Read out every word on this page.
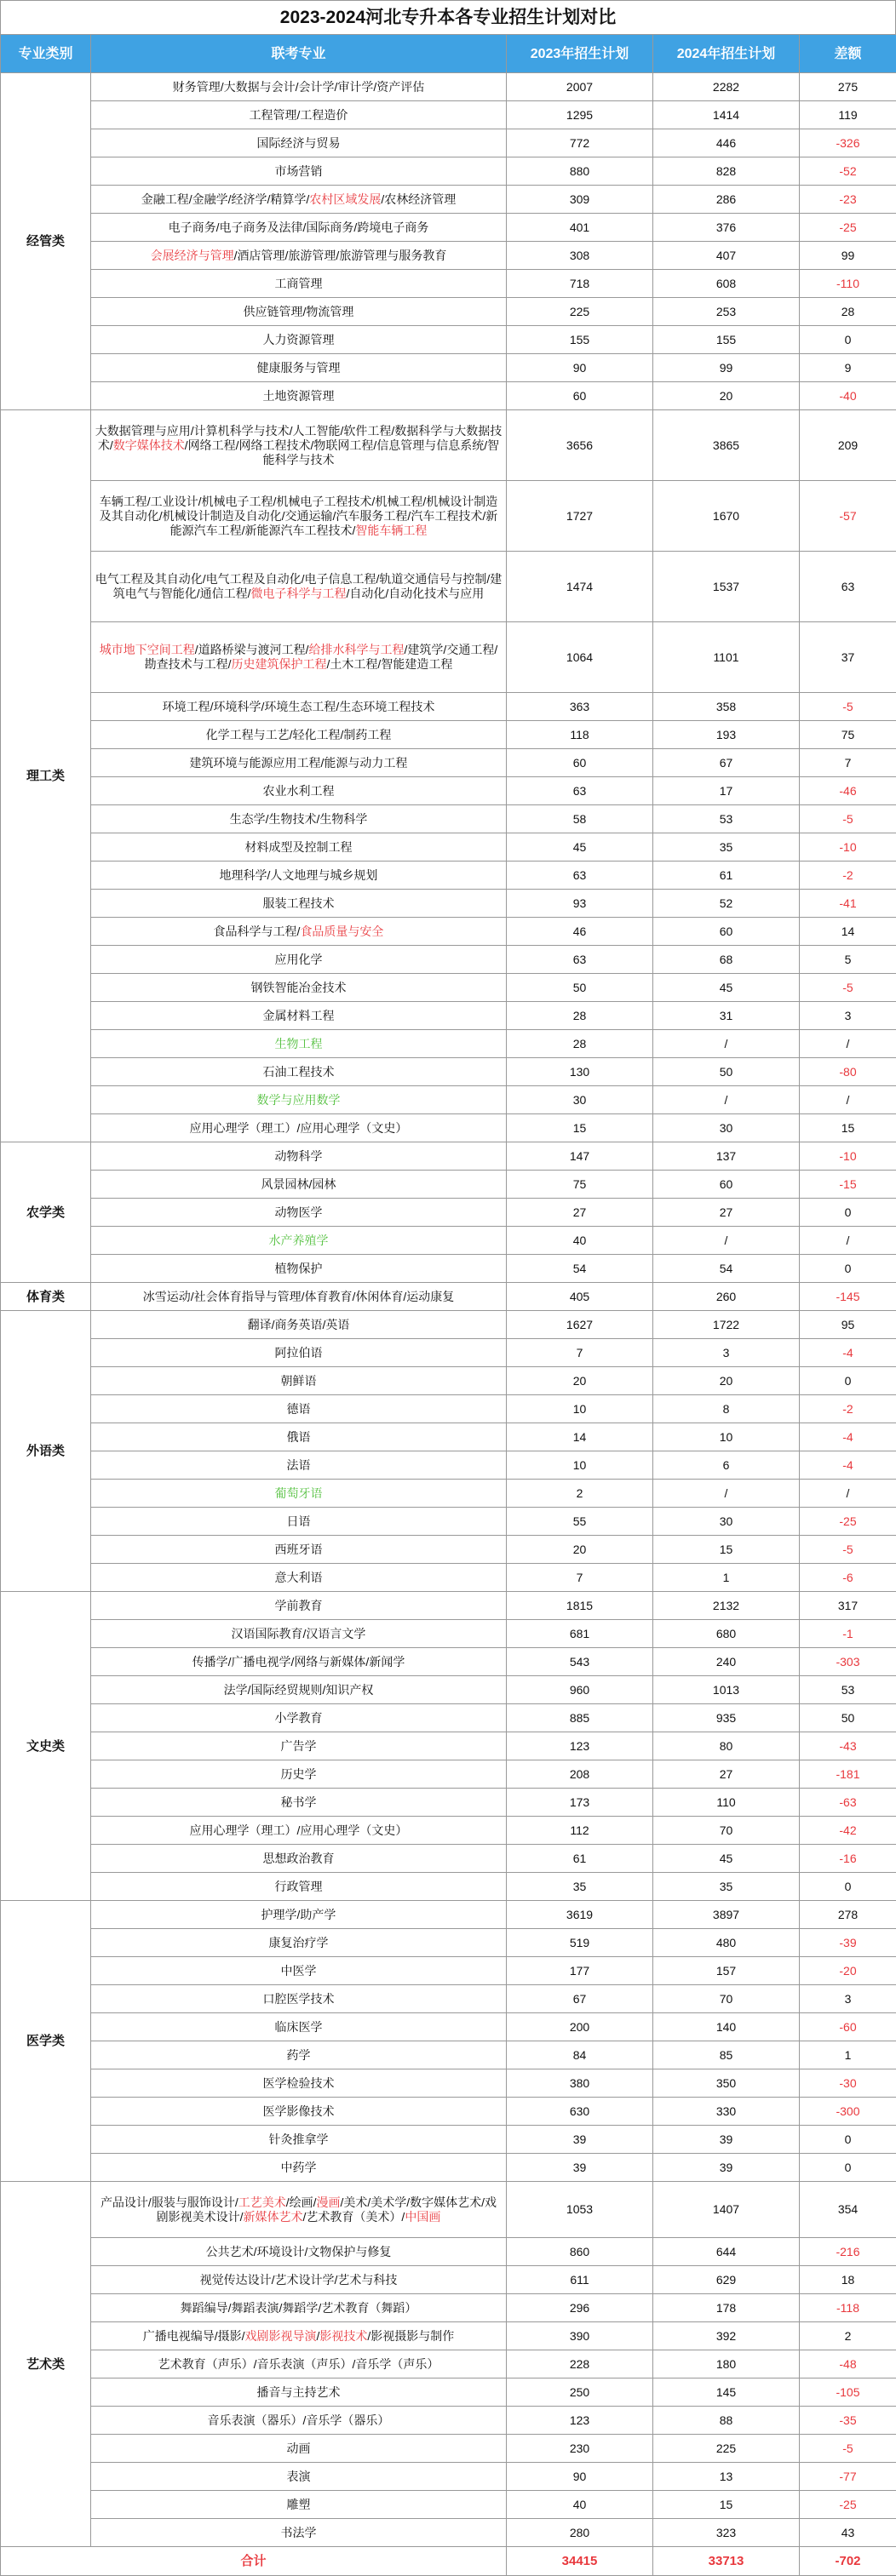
2023-2024河北专升本各专业招生计划对比
专业类别	联考专业	2023年招生计划	2024年招生计划	差额
经管类	财务管理/大数据与会计/会计学/审计学/资产评估	2007	2282	275
	工程管理/工程造价	1295	1414	119
	国际经济与贸易	772	446	-326
	市场营销	880	828	-52
	金融工程/金融学/经济学/精算学/农村区域发展/农林经济管理	309	286	-23
	电子商务/电子商务及法律/国际商务/跨境电子商务	401	376	-25
	会展经济与管理/酒店管理/旅游管理/旅游管理与服务教育	308	407	99
	工商管理	718	608	-110
	供应链管理/物流管理	225	253	28
	人力资源管理	155	155	0
	健康服务与管理	90	99	9
	土地资源管理	60	20	-40
理工类	大数据管理与应用/计算机科学与技术/人工智能/软件工程/数据科学与大数据技术/数字媒体技术/网络工程/网络工程技术/物联网工程/信息管理与信息系统/智能科学与技术	3656	3865	209
	车辆工程/工业设计/机械电子工程/机械电子工程技术/机械工程/机械设计制造及其自动化/机械设计制造及自动化/交通运输/汽车服务工程/汽车工程技术/新能源汽车工程/新能源汽车工程技术/智能车辆工程	1727	1670	-57
	电气工程及其自动化/电气工程及自动化/电子信息工程/轨道交通信号与控制/建筑电气与智能化/通信工程/微电子科学与工程/自动化/自动化技术与应用	1474	1537	63
	城市地下空间工程/道路桥梁与渡河工程/给排水科学与工程/建筑学/交通工程/勘查技术与工程/历史建筑保护工程/土木工程/智能建造工程	1064	1101	37
	环境工程/环境科学/环境生态工程/生态环境工程技术	363	358	-5
	化学工程与工艺/轻化工程/制药工程	118	193	75
	建筑环境与能源应用工程/能源与动力工程	60	67	7
	农业水利工程	63	17	-46
	生态学/生物技术/生物科学	58	53	-5
	材料成型及控制工程	45	35	-10
	地理科学/人文地理与城乡规划	63	61	-2
	服装工程技术	93	52	-41
	食品科学与工程/食品质量与安全	46	60	14
	应用化学	63	68	5
	钢铁智能冶金技术	50	45	-5
	金属材料工程	28	31	3
	生物工程	28	/	/
	石油工程技术	130	50	-80
	数学与应用数学	30	/	/
	应用心理学（理工）/应用心理学（文史）	15	30	15
农学类	动物科学	147	137	-10
	风景园林/园林	75	60	-15
	动物医学	27	27	0
	水产养殖学	40	/	/
	植物保护	54	54	0
体育类	冰雪运动/社会体育指导与管理/体育教育/休闲体育/运动康复	405	260	-145
外语类	翻译/商务英语/英语	1627	1722	95
	阿拉伯语	7	3	-4
	朝鲜语	20	20	0
	德语	10	8	-2
	俄语	14	10	-4
	法语	10	6	-4
	葡萄牙语	2	/	/
	日语	55	30	-25
	西班牙语	20	15	-5
	意大利语	7	1	-6
文史类	学前教育	1815	2132	317
	汉语国际教育/汉语言文学	681	680	-1
	传播学/广播电视学/网络与新媒体/新闻学	543	240	-303
	法学/国际经贸规则/知识产权	960	1013	53
	小学教育	885	935	50
	广告学	123	80	-43
	历史学	208	27	-181
	秘书学	173	110	-63
	应用心理学（理工）/应用心理学（文史）	112	70	-42
	思想政治教育	61	45	-16
	行政管理	35	35	0
医学类	护理学/助产学	3619	3897	278
	康复治疗学	519	480	-39
	中医学	177	157	-20
	口腔医学技术	67	70	3
	临床医学	200	140	-60
	药学	84	85	1
	医学检验技术	380	350	-30
	医学影像技术	630	330	-300
	针灸推拿学	39	39	0
	中药学	39	39	0
艺术类	产品设计/服装与服饰设计/工艺美术/绘画/漫画/美术/美术学/数字媒体艺术/戏剧影视美术设计/新媒体艺术/艺术教育（美术）/中国画	1053	1407	354
	公共艺术/环境设计/文物保护与修复	860	644	-216
	视觉传达设计/艺术设计学/艺术与科技	611	629	18
	舞蹈编导/舞蹈表演/舞蹈学/艺术教育（舞蹈）	296	178	-118
	广播电视编导/摄影/戏剧影视导演/影视技术/影视摄影与制作	390	392	2
	艺术教育（声乐）/音乐表演（声乐）/音乐学（声乐）	228	180	-48
	播音与主持艺术	250	145	-105
	音乐表演（器乐）/音乐学（器乐）	123	88	-35
	动画	230	225	-5
	表演	90	13	-77
	雕塑	40	15	-25
	书法学	280	323	43
合计		34415	33713	-702
